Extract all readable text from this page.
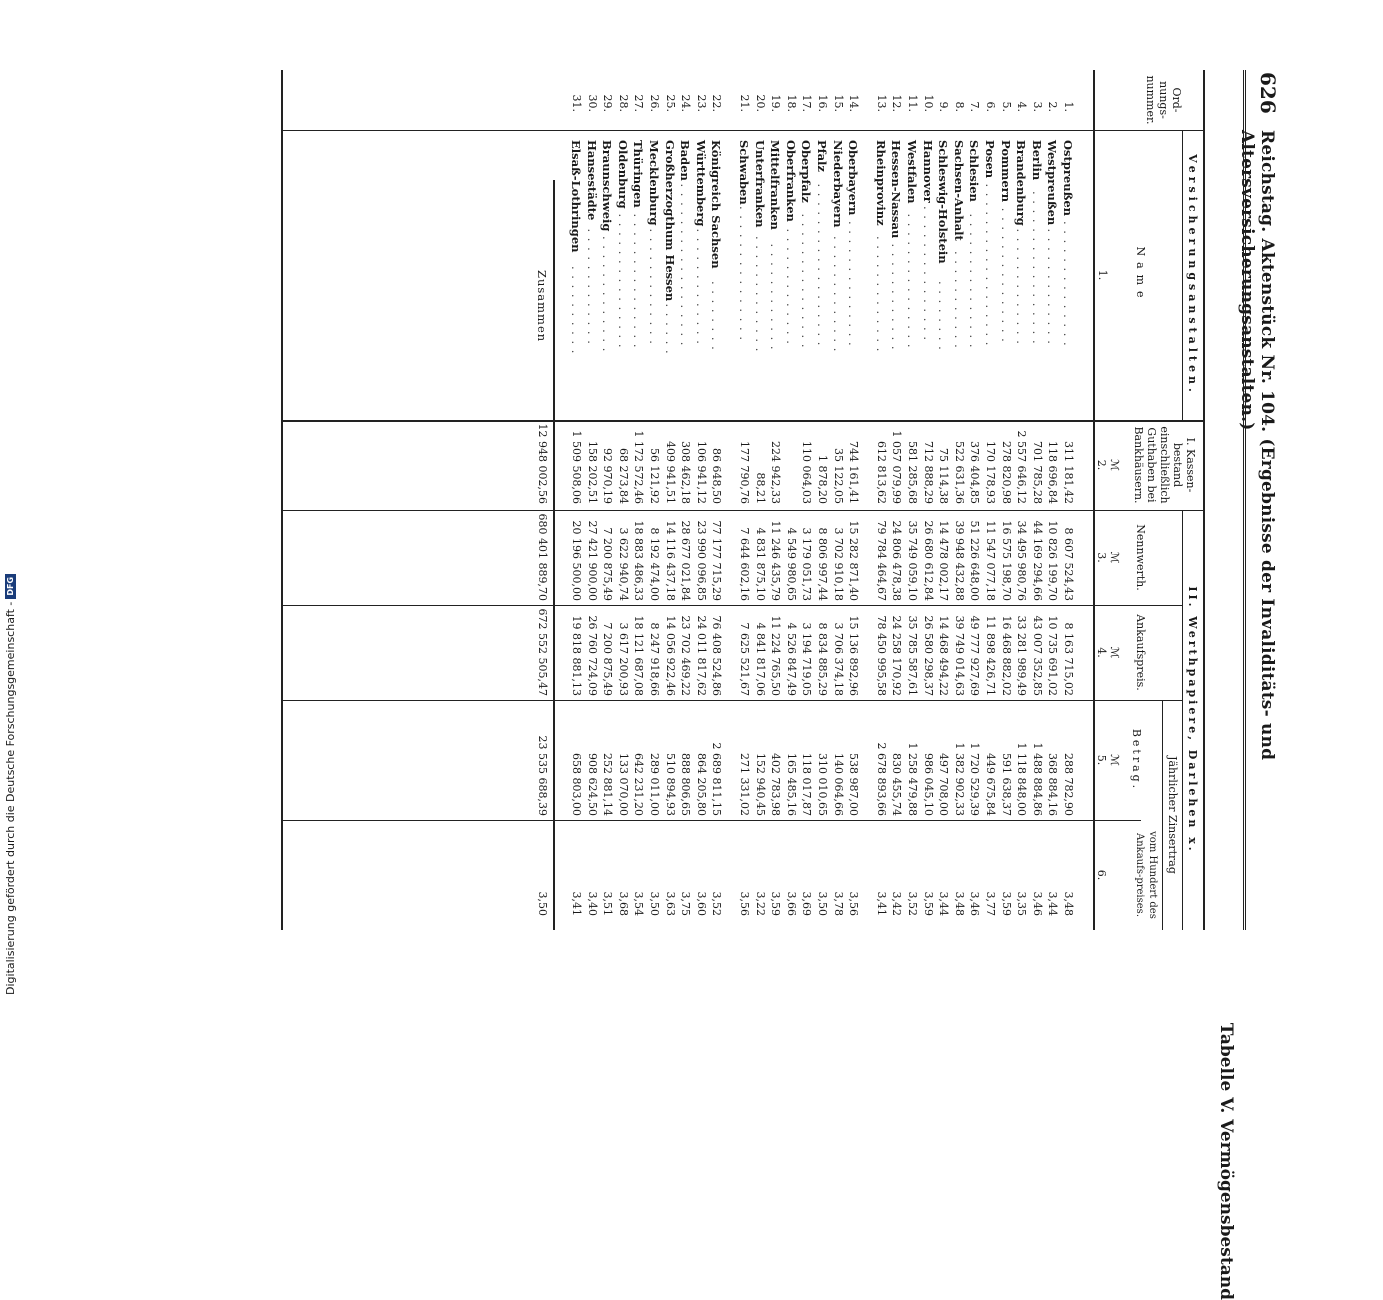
Digitalisierung gefördert durch die Deutsche Forschungsgemeinschaft -
DFG
626
Reichstag. Aktenstück Nr. 104. (Ergebnisse der Invaliditäts- und Altersversicherungsanstalten.)
Tabelle V. Vermögensbestand
Ord-nungs-nummer.
Versicherungsanstalten.
Name
1.
I. Kassen-bestand einschließlich Guthaben bei Bankhäusern.
II. Werthpapiere, Darlehen x.
Nennwerth.
Ankaufspreis.
Jährlicher Zinsertrag
Betrag.
vom Hundert des Ankaufs-preises.
ℳ
2.
ℳ
3.
ℳ
4.
ℳ
5.
6.
1.
Ostpreußen
. . . . . . . . . . . . . .
311 181,42
8 607 524,43
8 163 715,02
288 782,90
3,48
2.
Westpreußen
. . . . . . . . . . . . .
118 696,84
10 826 199,70
10 735 691,02
368 884,16
3,44
3.
Berlin
. . . . . . . . . . . . . . . . .
701 785,28
44 169 294,66
43 007 352,85
1 488 884,86
3,46
4.
Brandenburg
. . . . . . . . . . . . .
2 557 646,12
34 495 980,76
33 281 989,49
1 118 848,00
3,35
5.
Pommern
. . . . . . . . . . . . . . . .
278 820,98
16 575 198,70
16 468 882,02
591 638,37
3,59
6.
Posen
. . . . . . . . . . . . . . . . . .
170 178,93
11 547 077,18
11 898 426,71
449 675,84
3,77
7.
Schlesien
. . . . . . . . . . . . . . .
376 404,85
51 226 648,00
49 777 927,69
1 720 529,39
3,46
8.
Sachsen-Anhalt
. . . . . . . . . . .
522 631,36
39 948 432,88
39 749 014,63
1 382 902,33
3,48
9.
Schleswig-Holstein
. . . . . . . .
75 114,38
14 478 002,17
14 468 494,22
497 708,00
3,44
10.
Hannover
. . . . . . . . . . . . . . .
712 888,29
26 680 612,84
26 580 298,37
986 045,10
3,59
11.
Westfalen
. . . . . . . . . . . . . . .
581 285,68
35 749 059,10
35 785 587,61
1 258 479,88
3,52
12.
Hessen-Nassau
. . . . . . . . . . . .
1 057 079,99
24 806 478,38
24 258 170,92
830 455,74
3,42
13.
Rheinprovinz
. . . . . . . . . . . . .
612 813,62
79 784 464,67
78 450 995,58
2 678 893,66
3,41
14.
Oberbayern
. . . . . . . . . . . . . .
744 161,41
15 282 871,40
15 136 892,96
538 987,00
3,56
15.
Niederbayern
. . . . . . . . . . . . .
35 122,05
3 702 910,18
3 706 374,18
140 064,66
3,78
16.
Pfalz
. . . . . . . . . . . . . . . . . .
1 878,20
8 806 997,44
8 834 885,29
310 010,65
3,50
17.
Oberpfalz
. . . . . . . . . . . . . . .
110 064,03
3 179 051,73
3 194 719,05
118 017,87
3,69
18.
Oberfranken
. . . . . . . . . . . . .
4 549 980,65
4 526 847,49
165 485,16
3,66
19.
Mittelfranken
. . . . . . . . . . . .
224 942,33
11 246 435,79
11 224 765,50
402 783,98
3,59
20.
Unterfranken
. . . . . . . . . . . . .
88,21
4 831 875,10
4 841 817,06
152 940,45
3,22
21.
Schwaben
. . . . . . . . . . . . . . .
177 790,76
7 644 602,16
7 625 521,67
271 331,02
3,56
22.
Königreich Sachsen
. . . . . . . .
86 648,50
77 177 715,29
76 408 524,86
2 689 811,15
3,52
23.
Württemberg
. . . . . . . . . . . . .
106 941,12
23 990 096,85
24 011 817,62
864 205,80
3,60
24.
Baden
. . . . . . . . . . . . . . . . . .
308 462,18
28 677 021,84
23 702 469,22
888 806,65
3,75
25.
Großherzogthum Hessen
. . . . . .
409 941,51
14 116 437,18
14 056 922,46
510 894,93
3,63
26.
Mecklenburg
. . . . . . . . . . . . .
56 121,92
8 192 474,00
8 247 918,66
289 011,00
3,50
27.
Thüringen
. . . . . . . . . . . . . . .
1 172 572,46
18 883 486,33
18 121 687,08
642 231,20
3,54
28.
Oldenburg
. . . . . . . . . . . . . . .
68 273,84
3 622 940,74
3 617 200,93
133 070,00
3,68
29.
Braunschweig
. . . . . . . . . . . . .
92 970,19
7 200 875,49
7 200 875,49
252 881,14
3,51
30.
Hansestädte
. . . . . . . . . . . . .
158 202,51
27 421 900,00
26 760 724,09
908 624,50
3,40
31.
Elsaß-Lothringen
. . . . . . . . . .
1 509 508,06
20 196 500,00
19 818 881,13
658 803,00
3,41
Zusammen
12 948 002,56
680 401 889,70
672 552 505,47
23 535 688,39
3,50
